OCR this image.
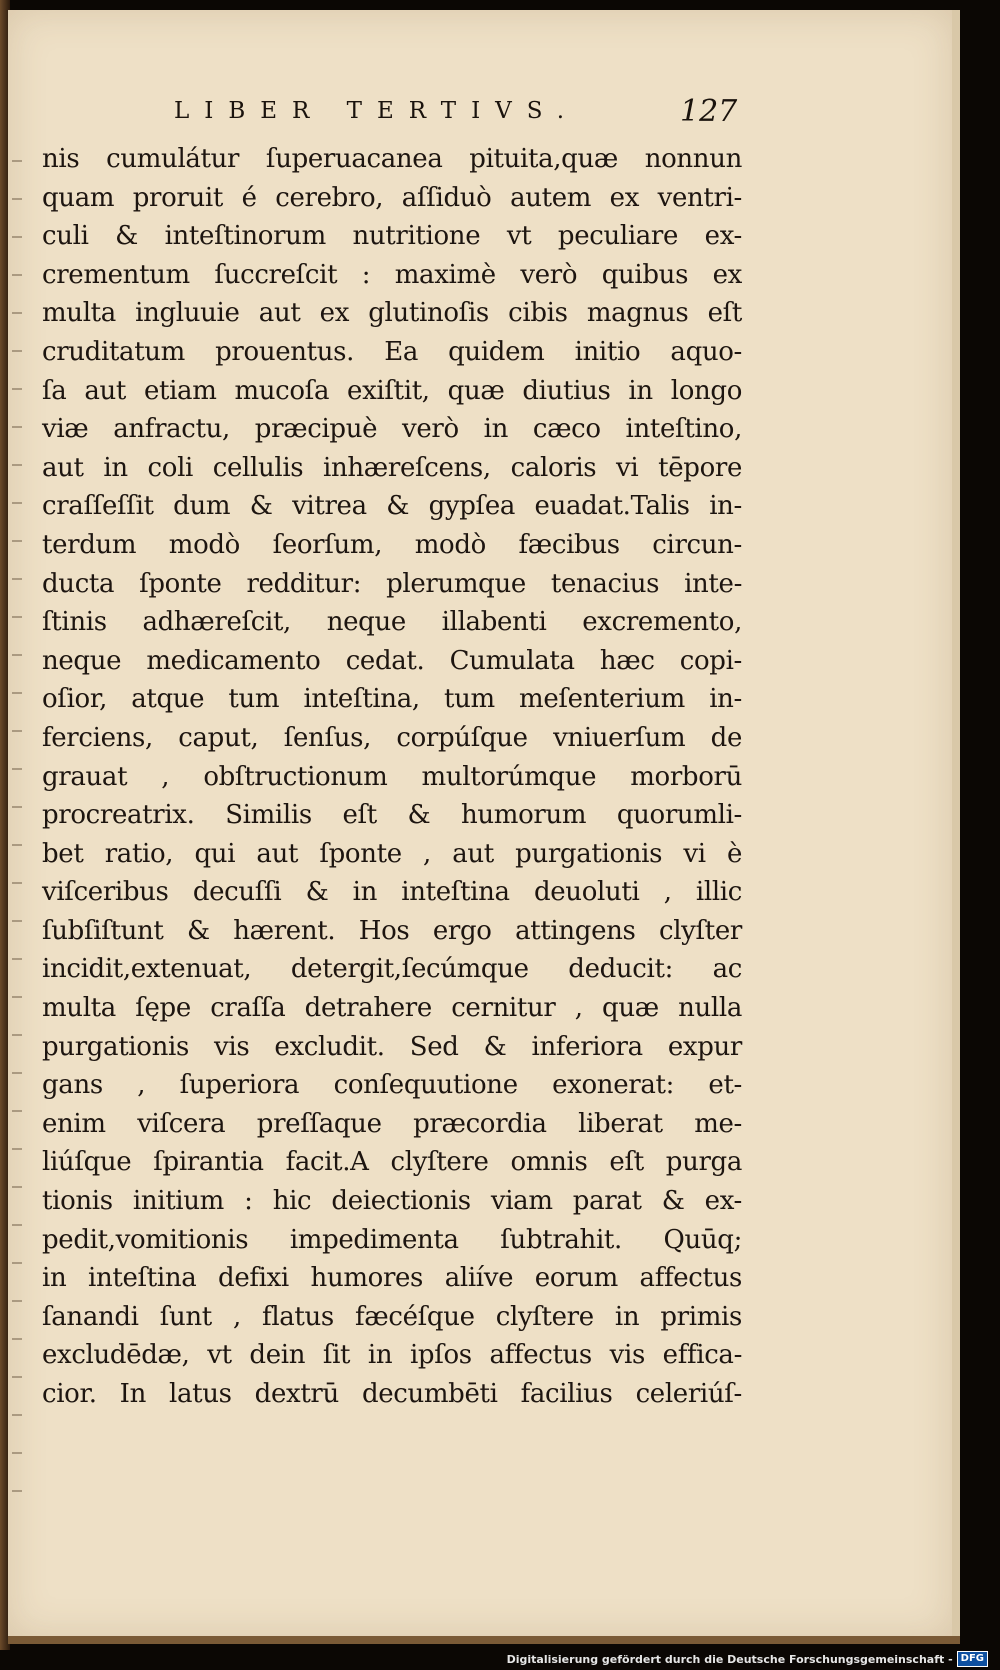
LIBER TERTIVS.	127
nis cumulátur ſuperuacanea pituita,quæ nonnun
quam proruit é cerebro, aſſiduò autem ex ventri-
culi & inteſtinorum nutritione vt peculiare ex-
crementum ſuccreſcit : maximè verò quibus ex
multa ingluuie aut ex glutinoſis cibis magnus eſt
cruditatum prouentus. Ea quidem initio aquo-
ſa aut etiam mucoſa exiſtit, quæ diutius in longo
viæ anfractu, præcipuè verò in cæco inteſtino,
aut in coli cellulis inhæreſcens, caloris vi tēpore
craſſeſſit dum & vitrea & gypſea euadat.Talis in-
terdum modò ſeorſum, modò fæcibus circun-
ducta ſponte redditur: plerumque tenacius inte-
ſtinis adhæreſcit, neque illabenti excremento,
neque medicamento cedat. Cumulata hæc copi-
oſior, atque tum inteſtina, tum meſenterium in-
ferciens, caput, ſenſus, corpúſque vniuerſum de
grauat , obſtructionum multorúmque morborū
procreatrix. Similis eſt & humorum quorumli-
bet ratio, qui aut ſponte , aut purgationis vi è
viſceribus decuſſi & in inteſtina deuoluti , illic
ſubſiſtunt & hærent. Hos ergo attingens clyſter
incidit,extenuat, detergit,ſecúmque deducit: ac
multa ſępe craſſa detrahere cernitur , quæ nulla
purgationis vis excludit. Sed & inferiora expur
gans , ſuperiora conſequutione exonerat: et-
enim viſcera preſſaque præcordia liberat me-
liúſque ſpirantia facit.A clyſtere omnis eſt purga
tionis initium : hic deiectionis viam parat & ex-
pedit,vomitionis impedimenta ſubtrahit. Quūq;
in inteſtina defixi humores aliíve eorum affectus
ſanandi ſunt , flatus fæcéſque clyſtere in primis
excludēdæ, vt dein ſit in ipſos affectus vis effica-
cior. In latus dextrū decumbēti facilius celeriúſ-
Digitalisierung gefördert durch die Deutsche Forschungsgemeinschaft - DFG
